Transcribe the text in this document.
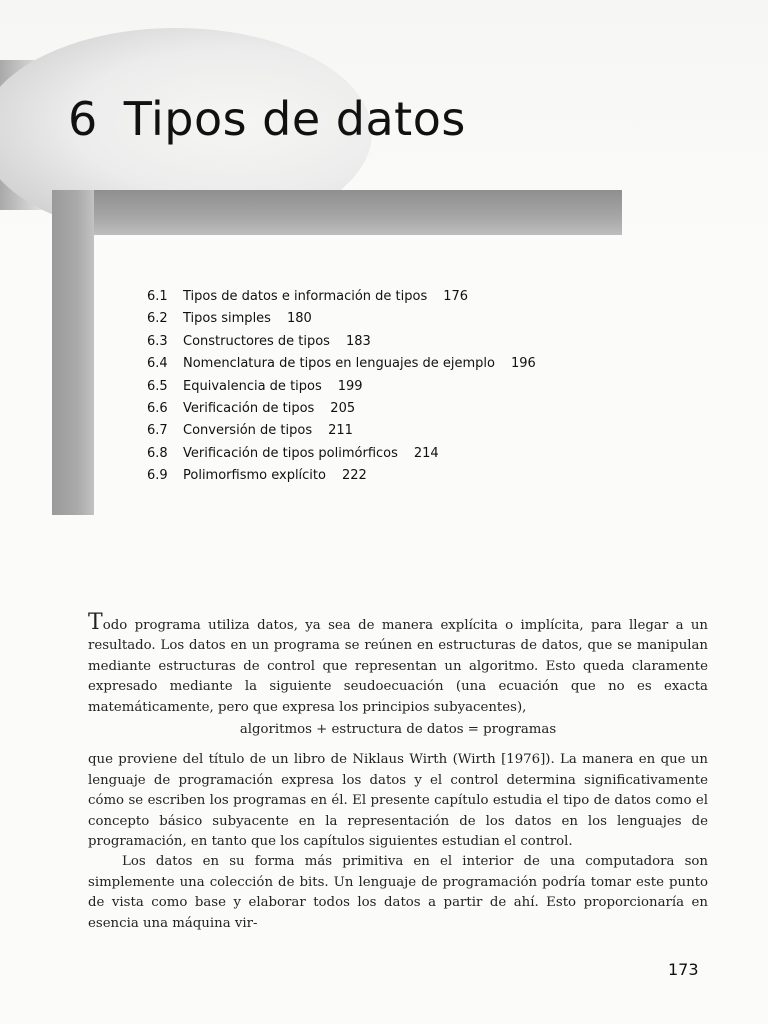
6 Tipos de datos
6.1 Tipos de datos e información de tipos 176
6.2 Tipos simples 180
6.3 Constructores de tipos 183
6.4 Nomenclatura de tipos en lenguajes de ejemplo 196
6.5 Equivalencia de tipos 199
6.6 Verificación de tipos 205
6.7 Conversión de tipos 211
6.8 Verificación de tipos polimórficos 214
6.9 Polimorfismo explícito 222

Todo programa utiliza datos, ya sea de manera explícita o implícita, para llegar a un resultado. Los datos en un programa se reúnen en estructuras de datos, que se manipulan mediante estructuras de control que representan un algoritmo. Esto queda claramente expresado mediante la siguiente seudoecuación (una ecuación que no es exacta matemáticamente, pero que expresa los principios subyacentes),

algoritmos + estructura de datos = programas

que proviene del título de un libro de Niklaus Wirth (Wirth [1976]). La manera en que un lenguaje de programación expresa los datos y el control determina significativamente cómo se escriben los programas en él. El presente capítulo estudia el tipo de datos como el concepto básico subyacente en la representación de los datos en los lenguajes de programación, en tanto que los capítulos siguientes estudian el control.

Los datos en su forma más primitiva en el interior de una computadora son simplemente una colección de bits. Un lenguaje de programación podría tomar este punto de vista como base y elaborar todos los datos a partir de ahí. Esto proporcionaría en esencia una máquina vir-

173
